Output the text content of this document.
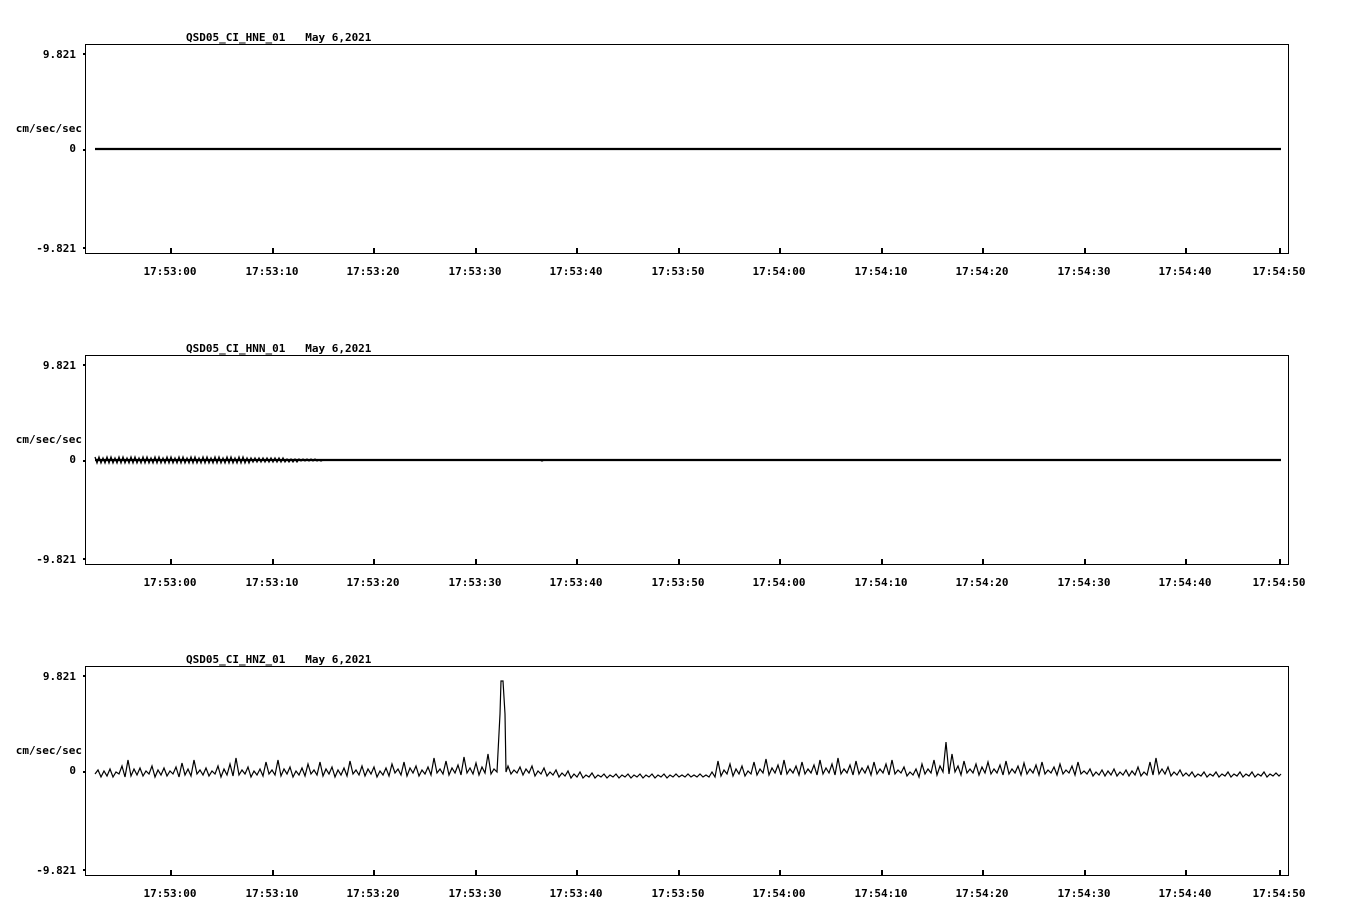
QSD05_CI_HNE_01   May 6,2021
cm/sec/sec
9.821
0
-9.821
17:53:00	17:53:10	17:53:20	17:53:30	17:53:40	17:53:50	17:54:00	17:54:10	17:54:20	17:54:30	17:54:40	17:54:50
QSD05_CI_HNN_01   May 6,2021
cm/sec/sec
9.821
0
-9.821
17:53:00	17:53:10	17:53:20	17:53:30	17:53:40	17:53:50	17:54:00	17:54:10	17:54:20	17:54:30	17:54:40	17:54:50
QSD05_CI_HNZ_01   May 6,2021
cm/sec/sec
9.821
0
-9.821
17:53:00	17:53:10	17:53:20	17:53:30	17:53:40	17:53:50	17:54:00	17:54:10	17:54:20	17:54:30	17:54:40	17:54:50
